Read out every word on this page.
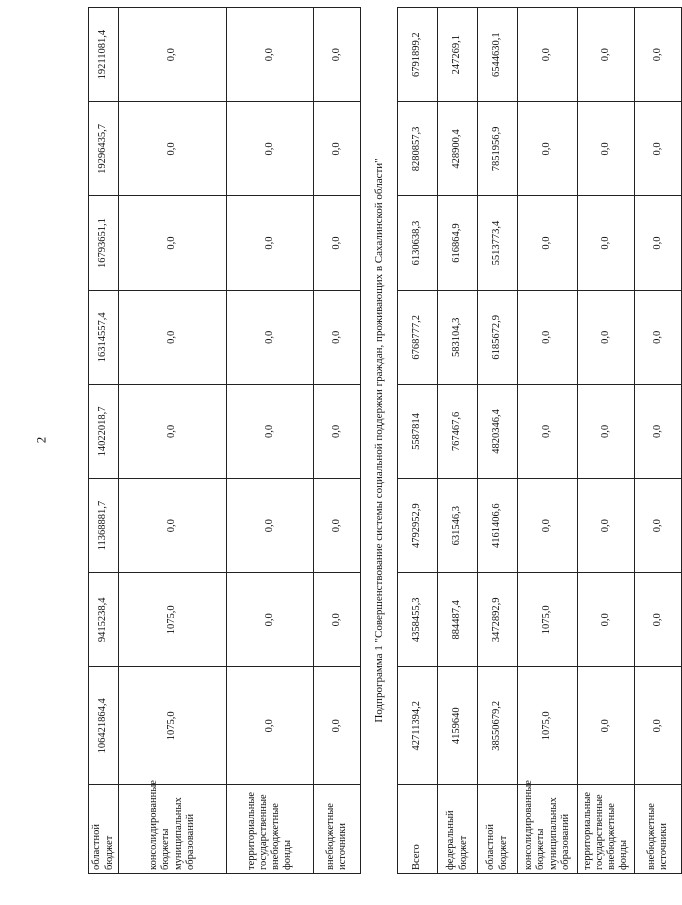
2
областной бюджет	106421864,4	9415238,4	11368881,7	14022018,7	16314557,4	16793651,1	19296435,7	19211081,4
консолидированные бюджеты муниципальных образований	1075,0	1075,0	0,0	0,0	0,0	0,0	0,0	0,0
территориальные государственные внебюджетные фонды	0,0	0,0	0,0	0,0	0,0	0,0	0,0	0,0
внебюджетные источники	0,0	0,0	0,0	0,0	0,0	0,0	0,0	0,0
Подпрограмма 1 "Совершенствование системы социальной поддержки граждан, проживающих в Сахалинской области"								
Всего	42711394,2	4358455,3	4792952,9	5587814	6768777,2	6130638,3	8280857,3	6791899,2
федеральный бюджет	4159640	884487,4	631546,3	767467,6	583104,3	616864,9	428900,4	247269,1
областной бюджет	38550679,2	3472892,9	4161406,6	4820346,4	6185672,9	5513773,4	7851956,9	6544630,1
консолидированные бюджеты муниципальных образований	1075,0	1075,0	0,0	0,0	0,0	0,0	0,0	0,0
территориальные государственные внебюджетные фонды	0,0	0,0	0,0	0,0	0,0	0,0	0,0	0,0
внебюджетные источники	0,0	0,0	0,0	0,0	0,0	0,0	0,0	0,0
